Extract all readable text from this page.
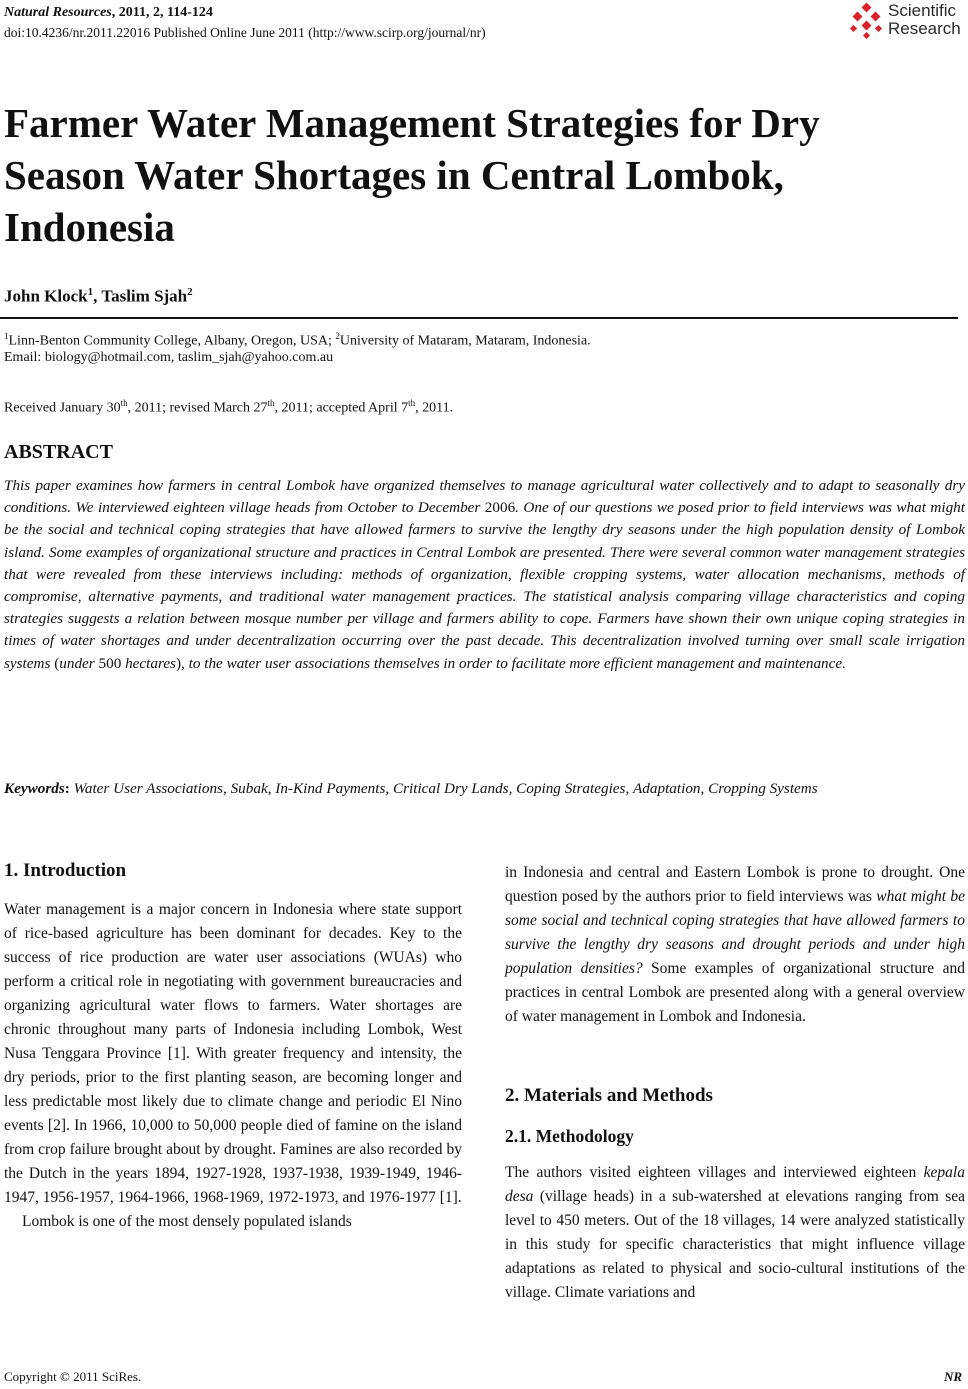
Natural Resources, 2011, 2, 114-124
doi:10.4236/nr.2011.22016 Published Online June 2011 (http://www.scirp.org/journal/nr)
Scientific
Research
Farmer Water Management Strategies for Dry Season Water Shortages in Central Lombok, Indonesia
John Klock$^1$, Taslim Sjah$^2$
$^1$Linn-Benton Community College, Albany, Oregon, USA; $^2$University of Mataram, Mataram, Indonesia.
Email: biology@hotmail.com, taslim_sjah@yahoo.com.au
Received January 30th, 2011; revised March 27th, 2011; accepted April 7th, 2011.
ABSTRACT

This paper examines how farmers in central Lombok have organized themselves to manage agricultural water collectively and to adapt to seasonally dry conditions. We interviewed eighteen village heads from October to December 2006. One of our questions we posed prior to field interviews was what might be the social and technical coping strategies that have allowed farmers to survive the lengthy dry seasons under the high population density of Lombok island. Some examples of organizational structure and practices in Central Lombok are presented. There were several common water management strategies that were revealed from these interviews including: methods of organization, flexible cropping systems, water allocation mechanisms, methods of compromise, alternative payments, and traditional water management practices. The statistical analysis comparing village characteristics and coping strategies suggests a relation between mosque number per village and farmers ability to cope. Farmers have shown their own unique coping strategies in times of water shortages and under decentralization occurring over the past decade. This decentralization involved turning over small scale irrigation systems (under 500 hectares), to the water user associations themselves in order to facilitate more efficient management and maintenance.

Keywords: Water User Associations, Subak, In-Kind Payments, Critical Dry Lands, Coping Strategies, Adaptation, Cropping Systems

1. Introduction
Water management is a major concern in Indonesia where state support of rice-based agriculture has been dominant for decades. Key to the success of rice production are water user associations (WUAs) who perform a critical role in negotiating with government bureaucracies and organizing agricultural water flows to farmers. Water shortages are chronic throughout many parts of Indonesia including Lombok, West Nusa Tenggara Province [1]. With greater frequency and intensity, the dry periods, prior to the first planting season, are becoming longer and less predictable most likely due to climate change and periodic El Nino events [2]. In 1966, 10,000 to 50,000 people died of famine on the island from crop failure brought about by drought. Famines are also recorded by the Dutch in the years 1894, 1927-1928, 1937-1938, 1939-1949, 1946-1947, 1956-1957, 1964-1966, 1968-1969, 1972-1973, and 1976-1977 [1].
Lombok is one of the most densely populated islands
in Indonesia and central and Eastern Lombok is prone to drought. One question posed by the authors prior to field interviews was what might be some social and technical coping strategies that have allowed farmers to survive the lengthy dry seasons and drought periods and under high population densities? Some examples of organizational structure and practices in central Lombok are presented along with a general overview of water management in Lombok and Indonesia.
2. Materials and Methods
2.1. Methodology
The authors visited eighteen villages and interviewed eighteen kepala desa (village heads) in a sub-watershed at elevations ranging from sea level to 450 meters. Out of the 18 villages, 14 were analyzed statistically in this study for specific characteristics that might influence village adaptations as related to physical and socio-cultural institutions of the village. Climate variations and
Copyright © 2011 SciRes.	NR
